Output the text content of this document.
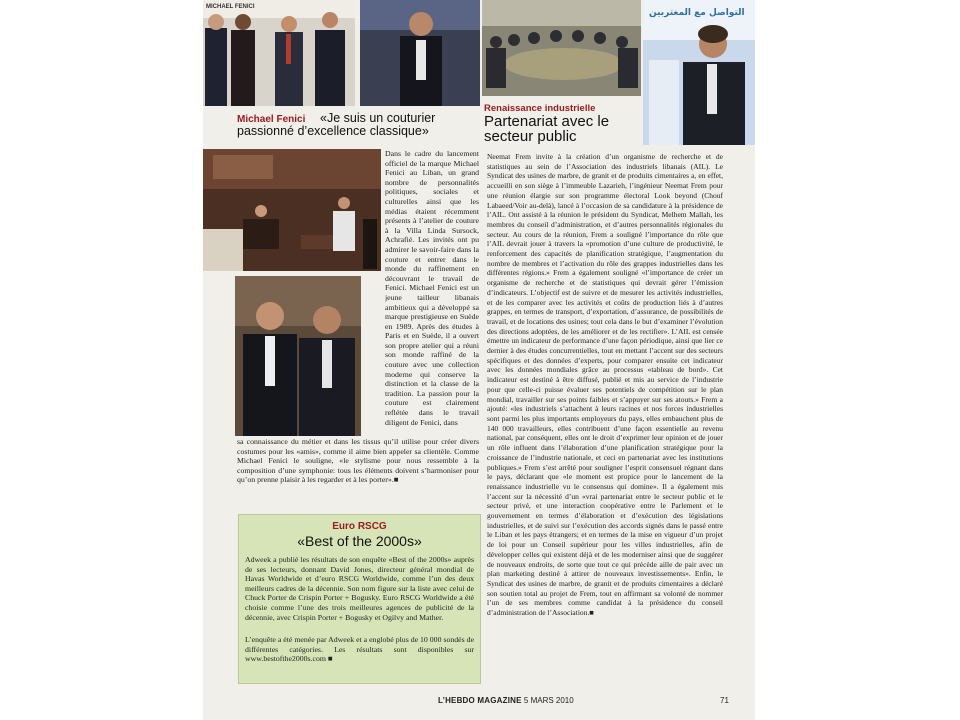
MICHAEL FENICI
التواصل مع المغتربين
Michael Fenici	«Je suis un couturier passionné d’excellence classique»
Dans le cadre du lancement officiel de la marque Michael Fenici au Liban, un grand nombre de personnalités politiques, sociales et culturelles ainsi que les médias étaient récemment présents à l’atelier de couture à la Villa Linda Sursock, Achrafié. Les invités ont pu admirer le savoir-faire dans la couture et entrer dans le monde du raffinement en découvrant le travail de Fenici. Michael Fenici est un jeune tailleur libanais ambitieux qui a développé sa marque prestigieuse en Suède en 1989. Après des études à Paris et en Suède, il a ouvert son propre atelier qui a réuni son monde raffiné de la couture avec une collection moderne qui conserve la distinction et la classe de la tradition. La passion pour la couture est clairement reflétée dans le travail diligent de Fenici, dans
sa connaissance du métier et dans les tissus qu’il utilise pour créer divers costumes pour les «amis», comme il aime bien appeler sa clientèle. Comme Michael Fenici le souligne, «le stylisme pour nous ressemble à la composition d’une symphonie: tous les éléments doivent s’harmoniser pour qu’on prenne plaisir à les regarder et à les porter».■
Euro RSCG
«Best of the 2000s»
Adweek a publié les résultats de son enquête «Best of the 2000s» auprès de ses lecteurs, donnant David Jones, directeur général mondial de Havas Worldwide et d’euro RSCG Worldwide, comme l’un des deux meilleurs cadres de la décennie. Son nom figure sur la liste avec celui de Chuck Porter de Crispin Porter + Bogusky. Euro RSCG Worldwide a été choisie comme l’une des trois meilleures agences de publicité de la décennie, avec Crispin Porter + Bogusky et Ogilvy and Mather.
L’enquête a été menée par Adweek et a englobé plus de 10 000 sondés de différentes catégories. Les résultats sont disponibles sur www.bestofthe2000s.com ■
Renaissance industrielle
Partenariat avec le secteur public
Neemat Frem invite à la création d’un organisme de recherche et de statistiques au sein de l’Association des industriels libanais (AIL). Le Syndicat des usines de marbre, de granit et de produits cimentaires a, en effet, accueilli en son siège à l’immeuble Lazarieh, l’ingénieur Neemat Frem pour une réunion élargie sur son programme électoral Look beyond (Chouf Labaeed/Voir au-delà), lancé à l’occasion de sa candidature à la présidence de l’AIL. Ont assisté à la réunion le président du Syndicat, Melhem Mallah, les membres du conseil d’administration, et d’autres personnalités régionales du secteur. Au cours de la réunion, Frem a souligné l’importance du rôle que l’AIL devrait jouer à travers la «promotion d’une culture de productivité, le renforcement des capacités de planification stratégique, l’augmentation du nombre de membres et l’activation du rôle des grappes industrielles dans les différentes régions.» Frem a également souligné «l’importance de créer un organisme de recherche et de statistiques qui devrait gérer l’émission d’indicateurs. L’objectif est de suivre et de mesurer les activités industrielles, et de les comparer avec les activités et coûts de production liés à d’autres grappes, en termes de transport, d’exportation, d’assurance, de possibilités de travail, et de locations des usines; tout cela dans le but d’examiner l’évolution des directions adoptées, de les améliorer et de les rectifier». L’AIL est censée émettre un indicateur de performance d’une façon périodique, ainsi que lier ce dernier à des études concurrentielles, tout en mettant l’accent sur des secteurs spécifiques et des données d’experts, pour comparer ensuite cet indicateur avec les données mondiales grâce au processus «tableau de bord». Cet indicateur est destiné à être diffusé, publié et mis au service de l’industrie pour que celle-ci puisse évaluer ses potentiels de compétition sur le plan mondial, travailler sur ses points faibles et s’appuyer sur ses atouts.» Frem a ajouté: «les industriels s’attachent à leurs racines et nos forces industrielles sont parmi les plus importants employeurs du pays, elles embauchent plus de 140 000 travailleurs, elles contribuent d’une façon essentielle au revenu national, par conséquent, elles ont le droit d’exprimer leur opinion et de jouer un rôle influent dans l’élaboration d’une planification stratégique pour la croissance de l’industrie nationale, et ceci en partenariat avec les institutions publiques.» Frem s’est arrêté pour souligner l’esprit consensuel régnant dans le pays, déclarant que «le moment est propice pour le lancement de la renaissance industrielle vu le consensus qui domine». Il a également mis l’accent sur la nécessité d’un «vrai partenariat entre le secteur public et le secteur privé, et une interaction coopérative entre le Parlement et le gouvernement en termes d’élaboration et d’exécution des législations industrielles, et de suivi sur l’exécution des accords signés dans le passé entre le Liban et les pays étrangers; et en termes de la mise en vigueur d’un projet de loi pour un Conseil supérieur pour les villes industrielles, afin de développer celles qui existent déjà et de les moderniser ainsi que de suggérer de nouveaux endroits, de sorte que tout ce qui précède aille de pair avec un plan marketing destiné à attirer de nouveaux investissements». Enfin, le Syndicat des usines de marbre, de granit et de produits cimentaires a déclaré son soutien total au projet de Frem, tout en affirmant sa volonté de nommer l’un de ses membres comme candidat à la présidence du conseil d’administration de l’Association.■
L’HEBDO MAGAZINE 5 MARS 2010	71
